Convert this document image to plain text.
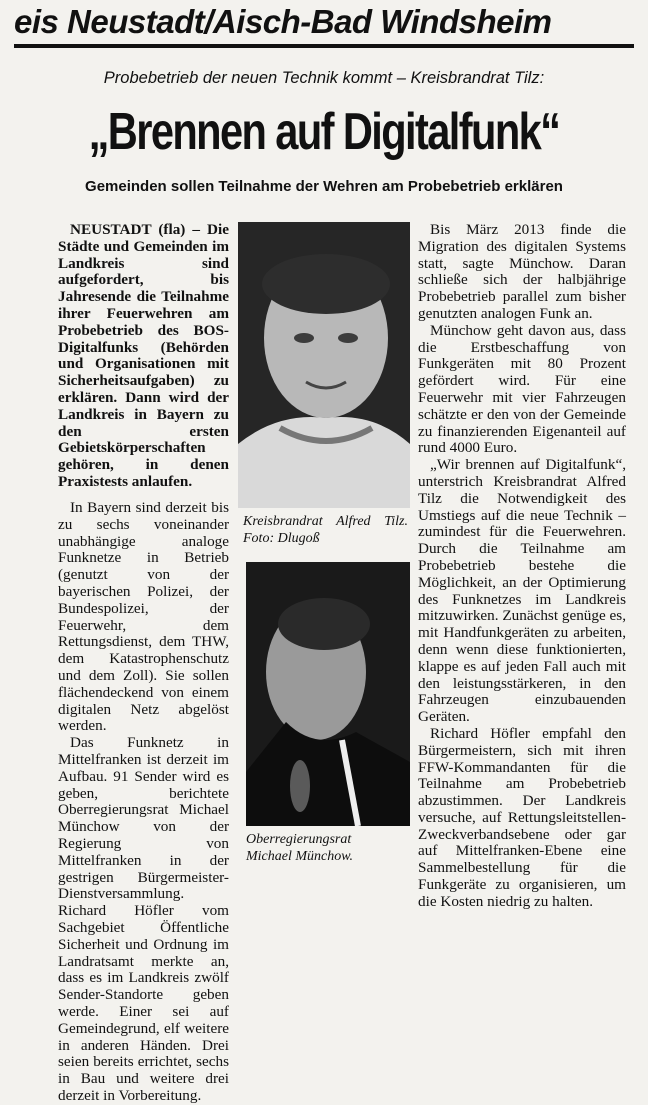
eis Neustadt/Aisch-Bad Windsheim
Probebetrieb der neuen Technik kommt – Kreisbrandrat Tilz:
„Brennen auf Digitalfunk“
Gemeinden sollen Teilnahme der Wehren am Probebetrieb erklären

NEUSTADT (fla) – Die Städte und Gemeinden im Landkreis sind aufgefordert, bis Jahresende die Teilnahme ihrer Feuerwehren am Probebetrieb des BOS-Digitalfunks (Behörden und Organisationen mit Sicherheitsaufgaben) zu erklären. Dann wird der Landkreis in Bayern zu den ersten Gebietskörperschaften gehören, in denen Praxistests anlaufen.

In Bayern sind derzeit bis zu sechs voneinander unabhängige analoge Funknetze in Betrieb (genutzt von der bayerischen Polizei, der Bundespolizei, der Feuerwehr, dem Rettungsdienst, dem THW, dem Katastrophenschutz und dem Zoll). Sie sollen flächendeckend von einem digitalen Netz abgelöst werden.

Das Funknetz in Mittelfranken ist derzeit im Aufbau. 91 Sender wird es geben, berichtete Oberregierungsrat Michael Münchow von der Regierung von Mittelfranken in der gestrigen Bürgermeister-Dienstversammlung. Richard Höfler vom Sachgebiet Öffentliche Sicherheit und Ordnung im Landratsamt merkte an, dass es im Landkreis zwölf Sender-Standorte geben werde. Einer sei auf Gemeindegrund, elf weitere in anderen Händen. Drei seien bereits errichtet, sechs in Bau und weitere drei derzeit in Vorbereitung.

Kreisbrandrat Alfred Tilz. Foto: Dlugoß
Oberregierungsrat Michael Münchow.

Bis März 2013 finde die Migration des digitalen Systems statt, sagte Münchow. Daran schließe sich der halbjährige Probebetrieb parallel zum bisher genutzten analogen Funk an.

Münchow geht davon aus, dass die Erstbeschaffung von Funkgeräten mit 80 Prozent gefördert wird. Für eine Feuerwehr mit vier Fahrzeugen schätzte er den von der Gemeinde zu finanzierenden Eigenanteil auf rund 4000 Euro.

„Wir brennen auf Digitalfunk“, unterstrich Kreisbrandrat Alfred Tilz die Notwendigkeit des Umstiegs auf die neue Technik – zumindest für die Feuerwehren. Durch die Teilnahme am Probebetrieb bestehe die Möglichkeit, an der Optimierung des Funknetzes im Landkreis mitzuwirken. Zunächst genüge es, mit Handfunkgeräten zu arbeiten, denn wenn diese funktionierten, klappe es auf jeden Fall auch mit den leistungsstärkeren, in den Fahrzeugen einzubauenden Geräten.

Richard Höfler empfahl den Bürgermeistern, sich mit ihren FFW-Kommandanten für die Teilnahme am Probebetrieb abzustimmen. Der Landkreis versuche, auf Rettungsleitstellen- Zweckverbandsebene oder gar auf Mittelfranken-Ebene eine Sammelbestellung für die Funkgeräte zu organisieren, um die Kosten niedrig zu halten.
